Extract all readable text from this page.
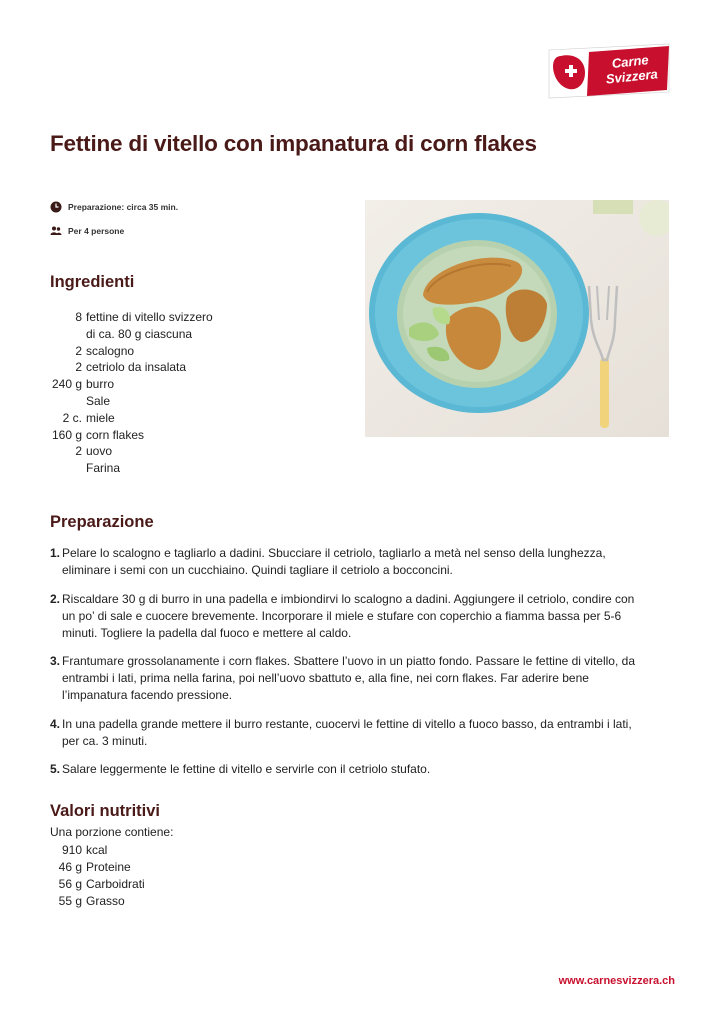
Carne
Svizzera
Fettine di vitello con impanatura di corn flakes
Preparazione: circa 35 min.
Per 4 persone
Ingredienti
8 fettine di vitello svizzero
di ca. 80 g ciascuna
2 scalogno
2 cetriolo da insalata
240 g burro
Sale
2 c. miele
160 g corn flakes
2 uovo
Farina
Preparazione
1. Pelare lo scalogno e tagliarlo a dadini. Sbucciare il cetriolo, tagliarlo a metà nel senso della lunghezza, eliminare i semi con un cucchiaino. Quindi tagliare il cetriolo a bocconcini.
2. Riscaldare 30 g di burro in una padella e imbiondirvi lo scalogno a dadini. Aggiungere il cetriolo, condire con un po’ di sale e cuocere brevemente. Incorporare il miele e stufare con coperchio a fiamma bassa per 5-6 minuti. Togliere la padella dal fuoco e mettere al caldo.
3. Frantumare grossolanamente i corn flakes. Sbattere l’uovo in un piatto fondo. Passare le fettine di vitello, da entrambi i lati, prima nella farina, poi nell’uovo sbattuto e, alla fine, nei corn flakes. Far aderire bene l’impanatura facendo pressione.
4. In una padella grande mettere il burro restante, cuocervi le fettine di vitello a fuoco basso, da entrambi i lati, per ca. 3 minuti.
5. Salare leggermente le fettine di vitello e servirle con il cetriolo stufato.
Valori nutritivi
Una porzione contiene:
910 kcal
46 g Proteine
56 g Carboidrati
55 g Grasso
www.carnesvizzera.ch
